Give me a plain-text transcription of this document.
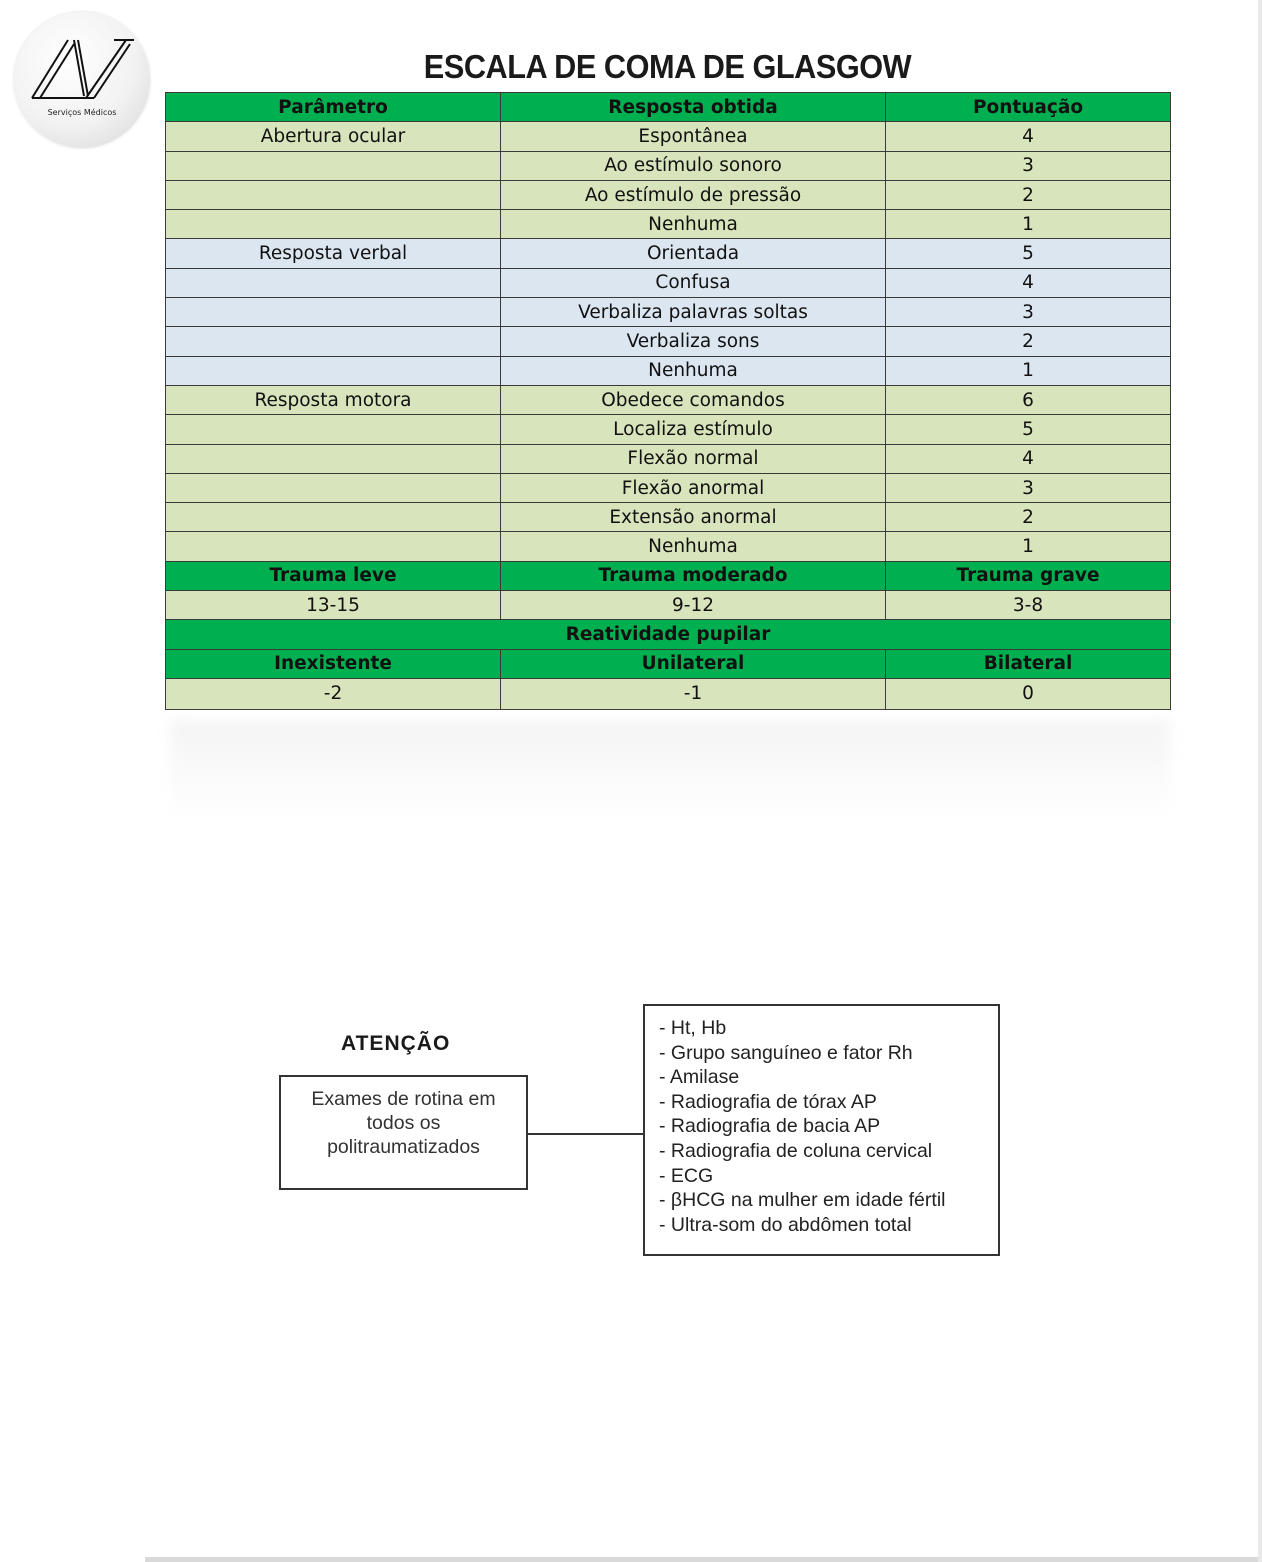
Serviços Médicos
ESCALA DE COMA DE GLASGOW
Parâmetro	Resposta obtida	Pontuação
Abertura ocular	Espontânea	4
	Ao estímulo sonoro	3
	Ao estímulo de pressão	2
	Nenhuma	1
Resposta verbal	Orientada	5
	Confusa	4
	Verbaliza palavras soltas	3
	Verbaliza sons	2
	Nenhuma	1
Resposta motora	Obedece comandos	6
	Localiza estímulo	5
	Flexão normal	4
	Flexão anormal	3
	Extensão anormal	2
	Nenhuma	1
Trauma leve	Trauma moderado	Trauma grave
13-15	9-12	3-8
Reatividade pupilar		
Inexistente	Unilateral	Bilateral
-2	-1	0
ATENÇÃO
Exames de rotina em
todos os
politraumatizados
- Ht, Hb
- Grupo sanguíneo e fator Rh
- Amilase
- Radiografia de tórax AP
- Radiografia de bacia AP
- Radiografia de coluna cervical
- ECG
- βHCG na mulher em idade fértil
- Ultra-som do abdômen total
